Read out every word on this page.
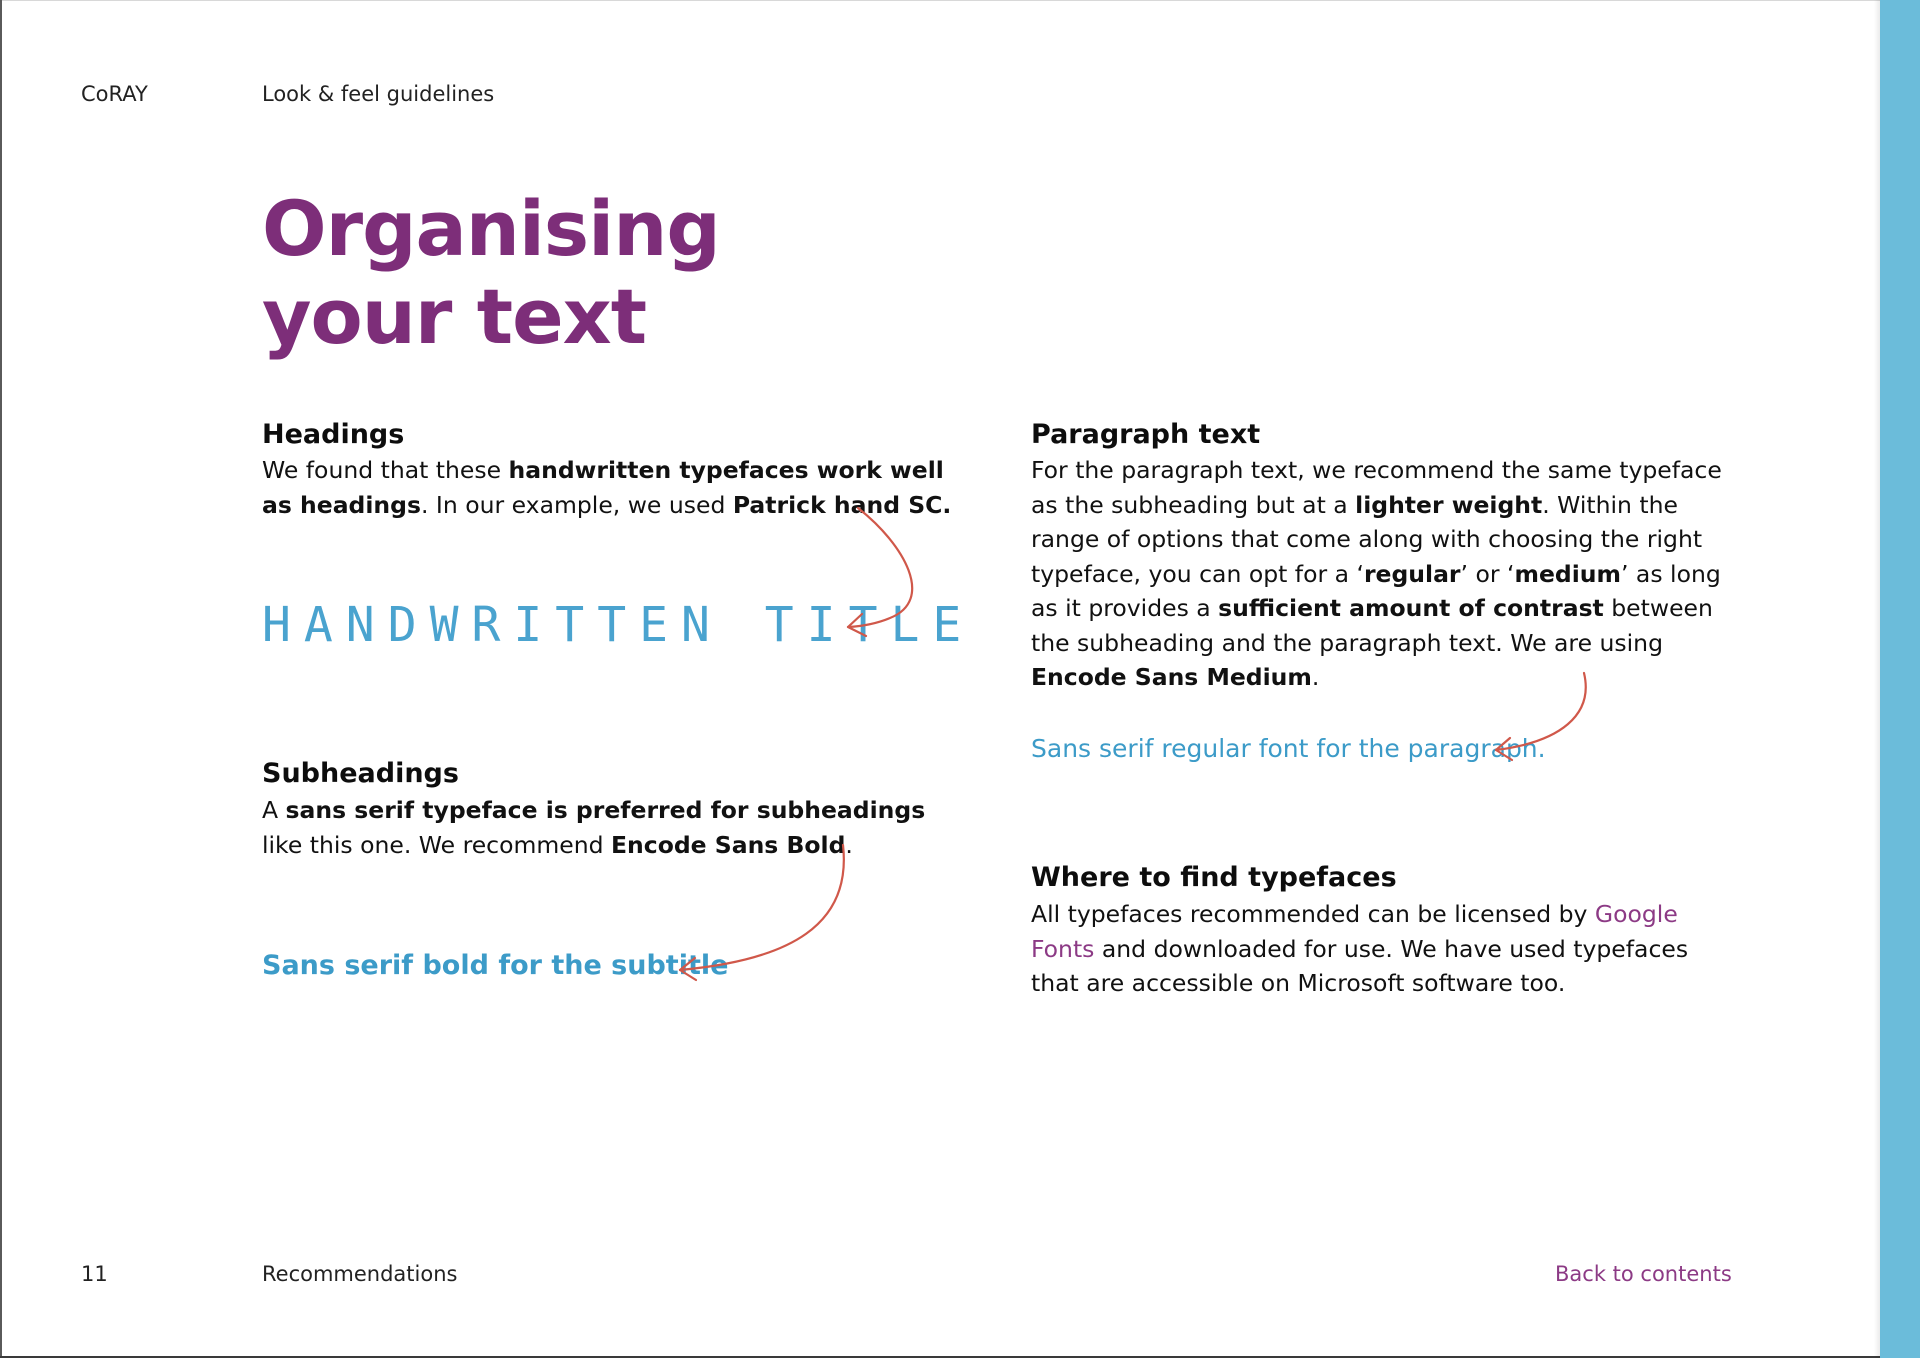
CoRAY	Look & feel guidelines
Organising
your text
Headings

We found that these handwritten typefaces work well as headings. In our example, we used Patrick hand SC.

HANDWRITTEN TITLE
Subheadings

A sans serif typeface is preferred for subheadings like this one. We recommend Encode Sans Bold.

Sans serif bold for the subtitle
Paragraph text

For the paragraph text, we recommend the same typeface as the subheading but at a lighter weight. Within the range of options that come along with choosing the right typeface, you can opt for a ‘regular’ or ‘medium’ as long as it provides a sufficient amount of contrast between the subheading and the paragraph text. We are using Encode Sans Medium.

Sans serif regular font for the paragraph.
Where to find typefaces

All typefaces recommended can be licensed by Google Fonts and downloaded for use. We have used typefaces that are accessible on Microsoft software too.

11	Recommendations	Back to contents
